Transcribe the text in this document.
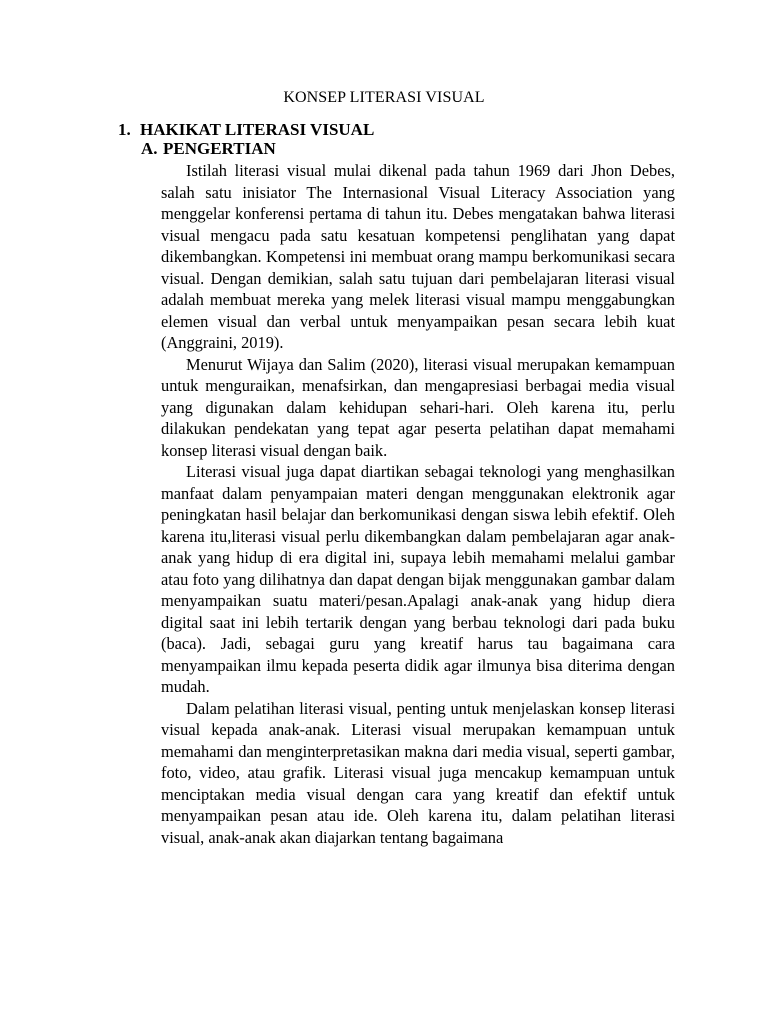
KONSEP LITERASI VISUAL
1. HAKIKAT LITERASI VISUAL
A. PENGERTIAN

Istilah literasi visual mulai dikenal pada tahun 1969 dari Jhon Debes, salah satu inisiator The Internasional Visual Literacy Association yang menggelar konferensi pertama di tahun itu. Debes mengatakan bahwa literasi visual mengacu pada satu kesatuan kompetensi penglihatan yang dapat dikembangkan. Kompetensi ini membuat orang mampu berkomunikasi secara visual. Dengan demikian, salah satu tujuan dari pembelajaran literasi visual adalah membuat mereka yang melek literasi visual mampu menggabungkan elemen visual dan verbal untuk menyampaikan pesan secara lebih kuat (Anggraini, 2019).

Menurut Wijaya dan Salim (2020), literasi visual merupakan kemampuan untuk menguraikan, menafsirkan, dan mengapresiasi berbagai media visual yang digunakan dalam kehidupan sehari-hari. Oleh karena itu, perlu dilakukan pendekatan yang tepat agar peserta pelatihan dapat memahami konsep literasi visual dengan baik.

Literasi visual juga dapat diartikan sebagai teknologi yang menghasilkan manfaat dalam penyampaian materi dengan menggunakan elektronik agar peningkatan hasil belajar dan berkomunikasi dengan siswa lebih efektif. Oleh karena itu,literasi visual perlu dikembangkan dalam pembelajaran agar anak-anak yang hidup di era digital ini, supaya lebih memahami melalui gambar atau foto yang dilihatnya dan dapat dengan bijak menggunakan gambar dalam menyampaikan suatu materi/pesan.Apalagi anak-anak yang hidup diera digital saat ini lebih tertarik dengan yang berbau teknologi dari pada buku (baca). Jadi, sebagai guru yang kreatif harus tau bagaimana cara menyampaikan ilmu kepada peserta didik agar ilmunya bisa diterima dengan mudah.

Dalam pelatihan literasi visual, penting untuk menjelaskan konsep literasi visual kepada anak-anak. Literasi visual merupakan kemampuan untuk memahami dan menginterpretasikan makna dari media visual, seperti gambar, foto, video, atau grafik. Literasi visual juga mencakup kemampuan untuk menciptakan media visual dengan cara yang kreatif dan efektif untuk menyampaikan pesan atau ide. Oleh karena itu, dalam pelatihan literasi visual, anak-anak akan diajarkan tentang bagaimana
